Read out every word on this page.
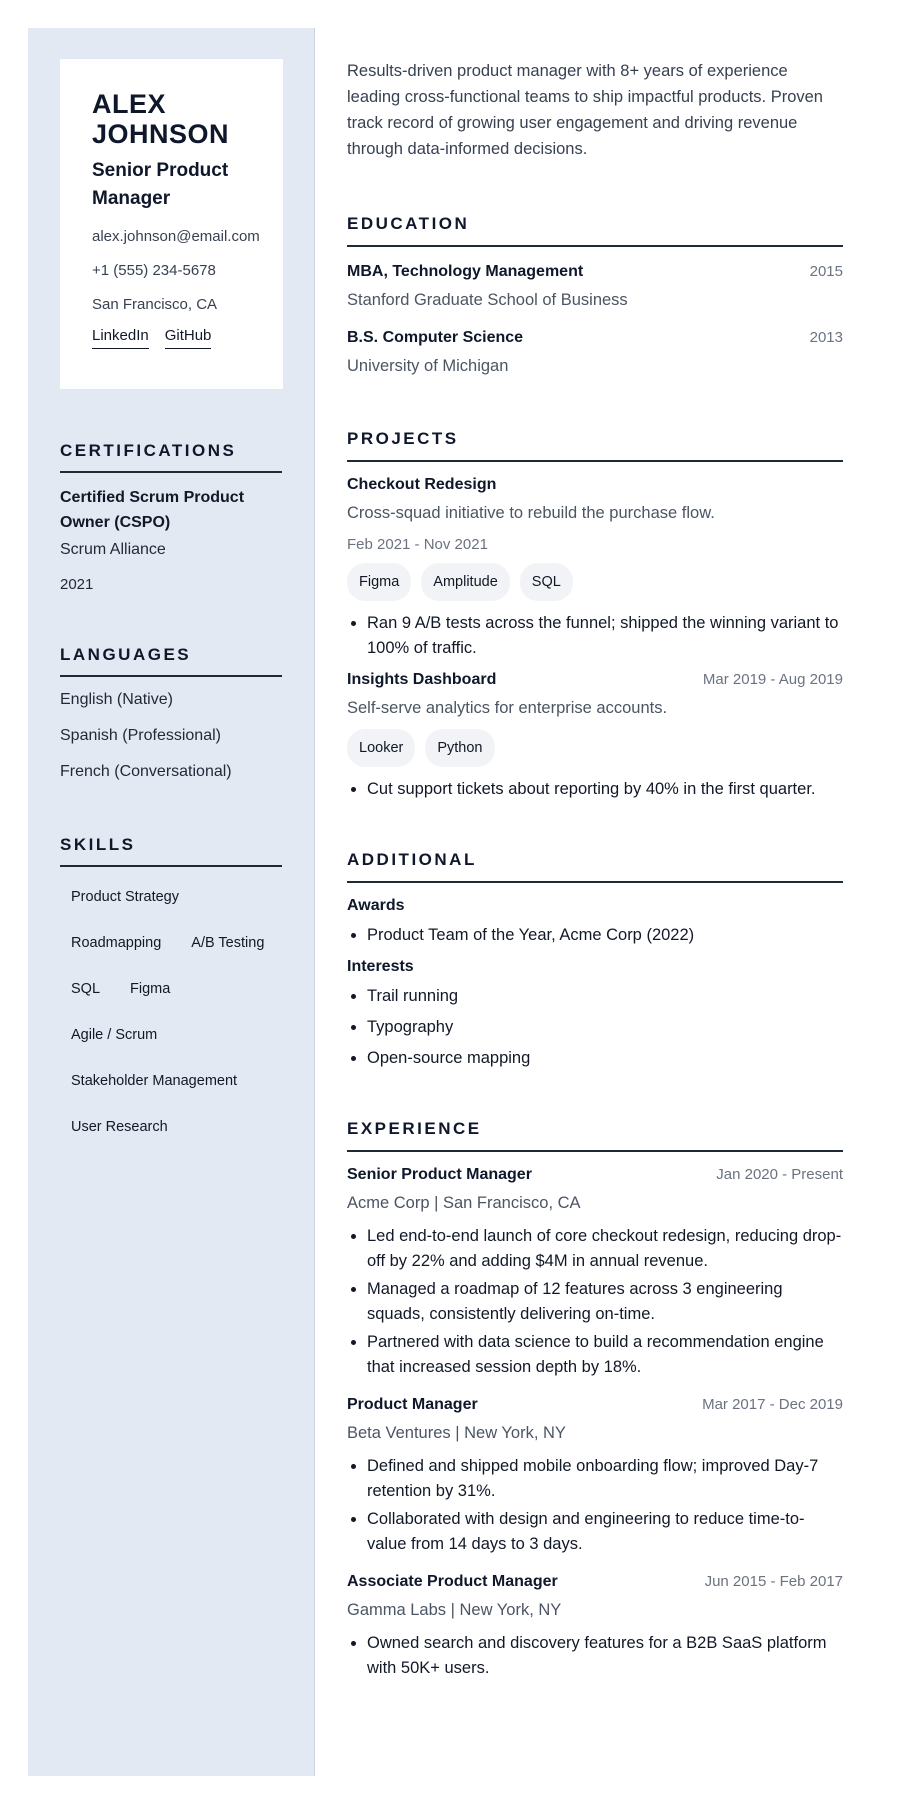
ALEX JOHNSON
Senior Product Manager
alex.johnson@email.com
+1 (555) 234-5678
San Francisco, CA
LinkedIn GitHub
CERTIFICATIONS
Certified Scrum Product Owner (CSPO)
Scrum Alliance
2021
LANGUAGES
English (Native)
Spanish (Professional)
French (Conversational)
SKILLS
Product Strategy
Roadmapping	A/B Testing
SQL	Figma
Agile / Scrum
Stakeholder Management
User Research

Results-driven product manager with 8+ years of experience leading cross-functional teams to ship impactful products. Proven track record of growing user engagement and driving revenue through data-informed decisions.

EDUCATION
MBA, Technology Management	2015
Stanford Graduate School of Business
B.S. Computer Science	2013
University of Michigan
PROJECTS
Checkout Redesign
Cross-squad initiative to rebuild the purchase flow.
Feb 2021 - Nov 2021
Figma	Amplitude	SQL
• Ran 9 A/B tests across the funnel; shipped the winning variant to 100% of traffic.
Insights Dashboard	Mar 2019 - Aug 2019
Self-serve analytics for enterprise accounts.
Looker	Python
• Cut support tickets about reporting by 40% in the first quarter.
ADDITIONAL
Awards
• Product Team of the Year, Acme Corp (2022)
Interests
• Trail running
• Typography
• Open-source mapping
EXPERIENCE
Senior Product Manager	Jan 2020 - Present
Acme Corp | San Francisco, CA
• Led end-to-end launch of core checkout redesign, reducing drop-off by 22% and adding $4M in annual revenue.
• Managed a roadmap of 12 features across 3 engineering squads, consistently delivering on-time.
• Partnered with data science to build a recommendation engine that increased session depth by 18%.
Product Manager	Mar 2017 - Dec 2019
Beta Ventures | New York, NY
• Defined and shipped mobile onboarding flow; improved Day-7 retention by 31%.
• Collaborated with design and engineering to reduce time-to-value from 14 days to 3 days.
Associate Product Manager	Jun 2015 - Feb 2017
Gamma Labs | New York, NY
• Owned search and discovery features for a B2B SaaS platform with 50K+ users.
